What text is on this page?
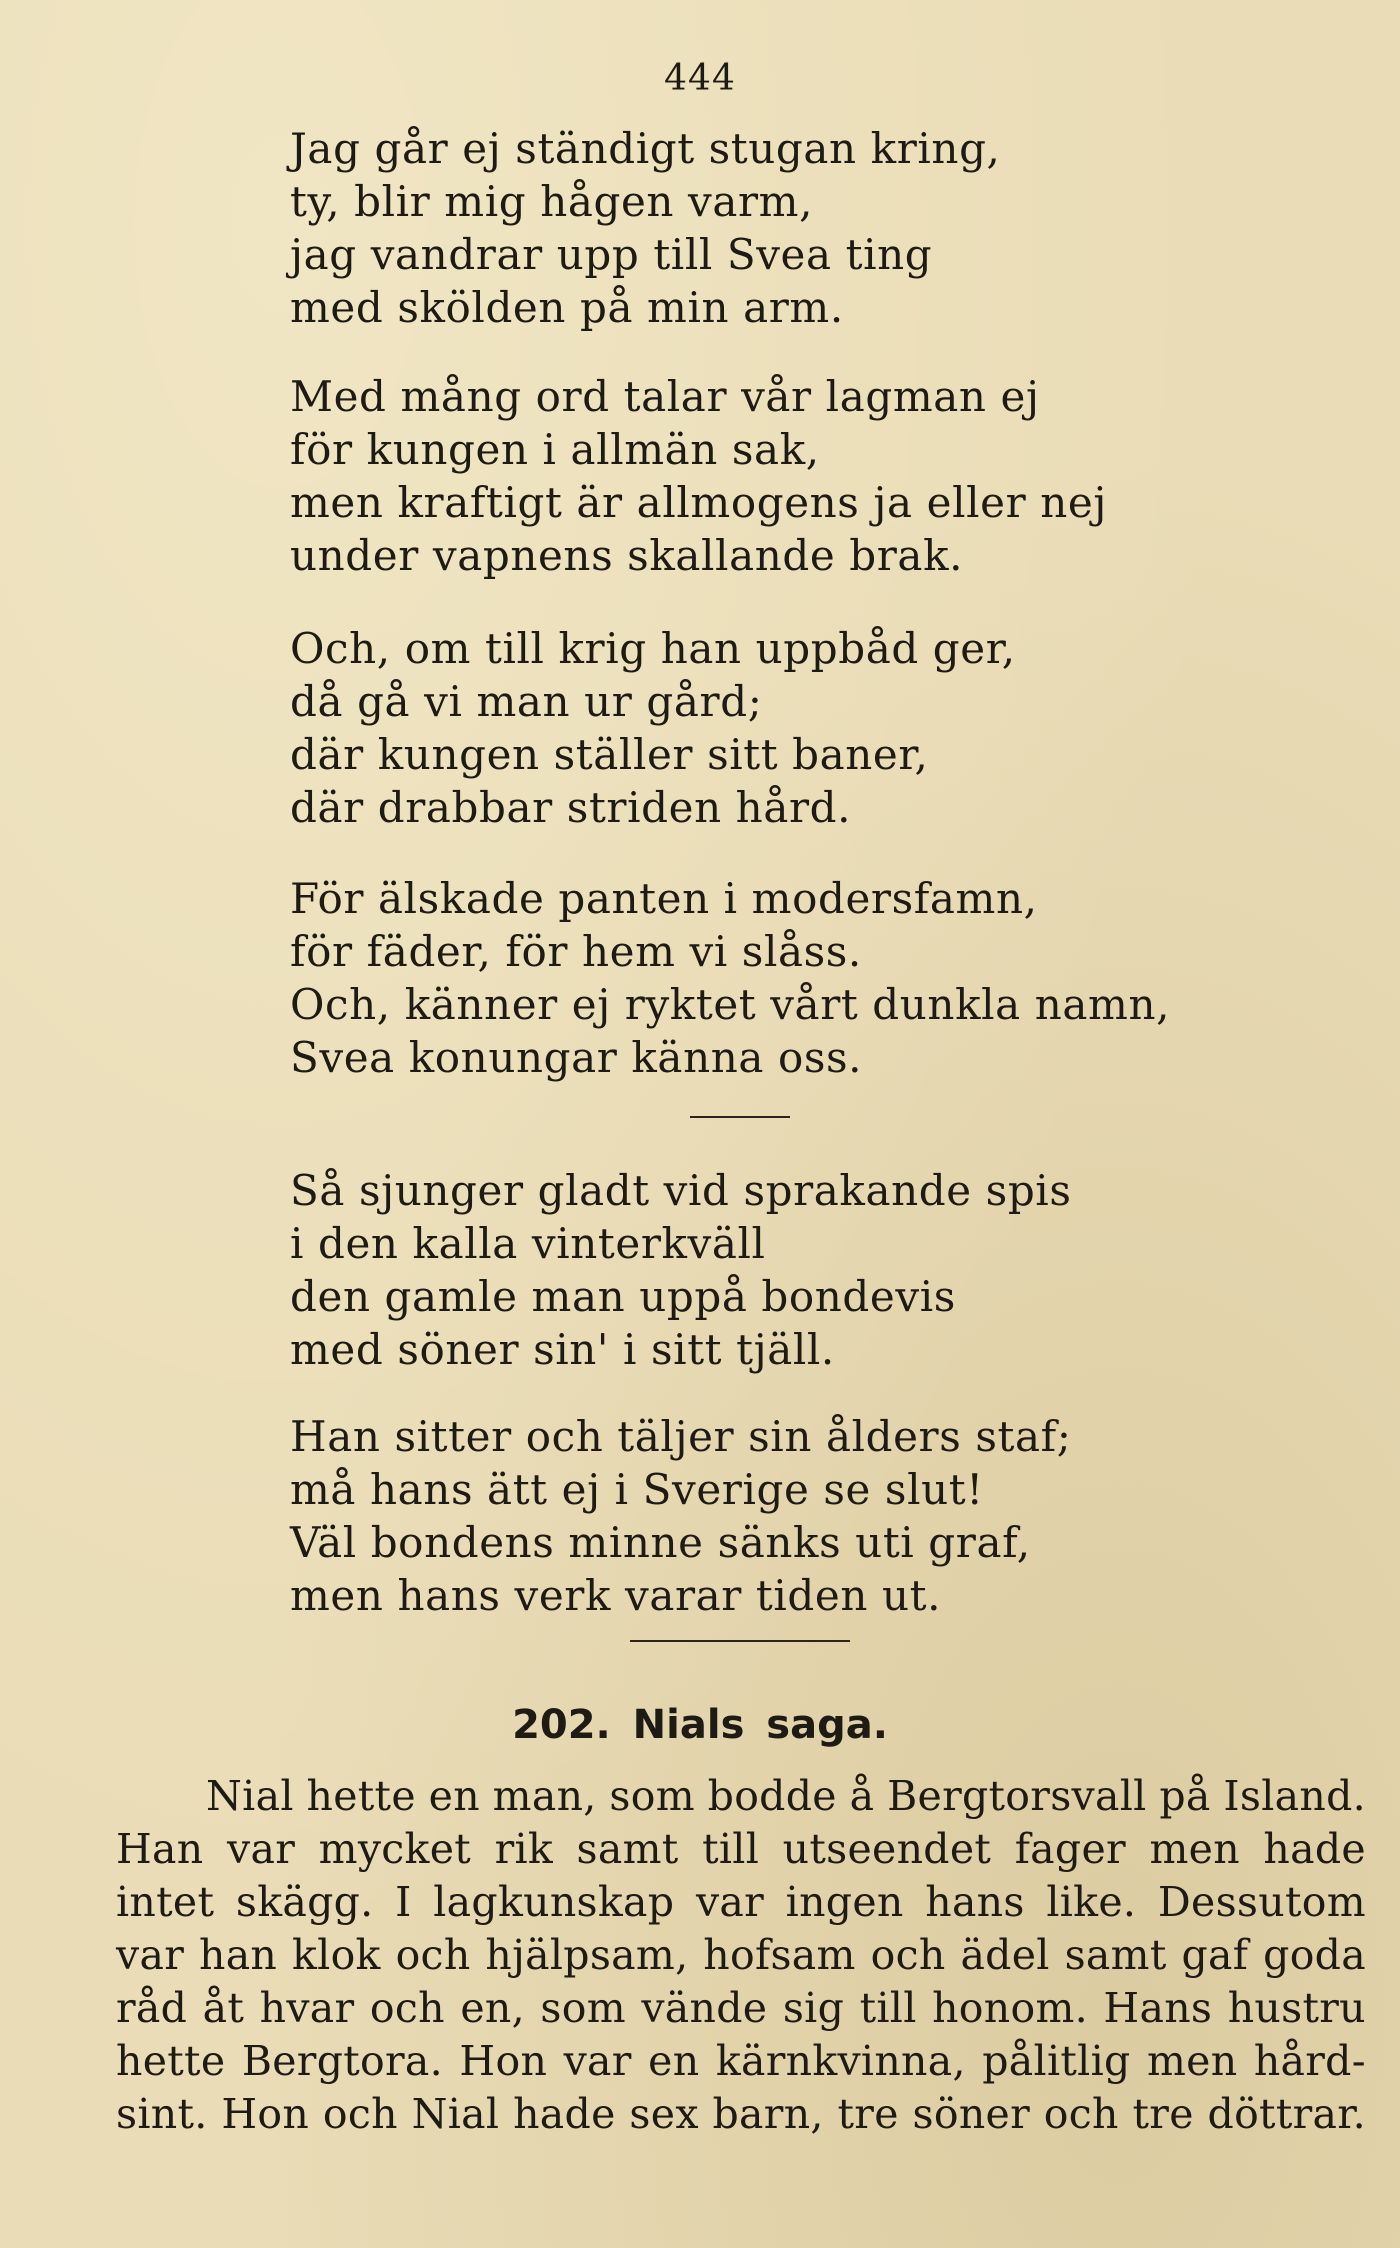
444
Jag går ej ständigt stugan kring,
ty, blir mig hågen varm,
jag vandrar upp till Svea ting
med skölden på min arm.
Med mång ord talar vår lagman ej
för kungen i allmän sak,
men kraftigt är allmogens ja eller nej
under vapnens skallande brak.
Och, om till krig han uppbåd ger,
då gå vi man ur gård;
där kungen ställer sitt baner,
där drabbar striden hård.
För älskade panten i modersfamn,
för fäder, för hem vi slåss.
Och, känner ej ryktet vårt dunkla namn,
Svea konungar känna oss.
Så sjunger gladt vid sprakande spis
i den kalla vinterkväll
den gamle man uppå bondevis
med söner sin' i sitt tjäll.
Han sitter och täljer sin ålders staf;
må hans ätt ej i Sverige se slut!
Väl bondens minne sänks uti graf,
men hans verk varar tiden ut.
202. Nials saga.
Nial hette en man, som bodde å Bergtorsvall på Island.
Han var mycket rik samt till utseendet fager men hade
intet skägg. I lagkunskap var ingen hans like. Dessutom
var han klok och hjälpsam, hofsam och ädel samt gaf goda
råd åt hvar och en, som vände sig till honom. Hans hustru
hette Bergtora. Hon var en kärnkvinna, pålitlig men hård-
sint. Hon och Nial hade sex barn, tre söner och tre döttrar.
